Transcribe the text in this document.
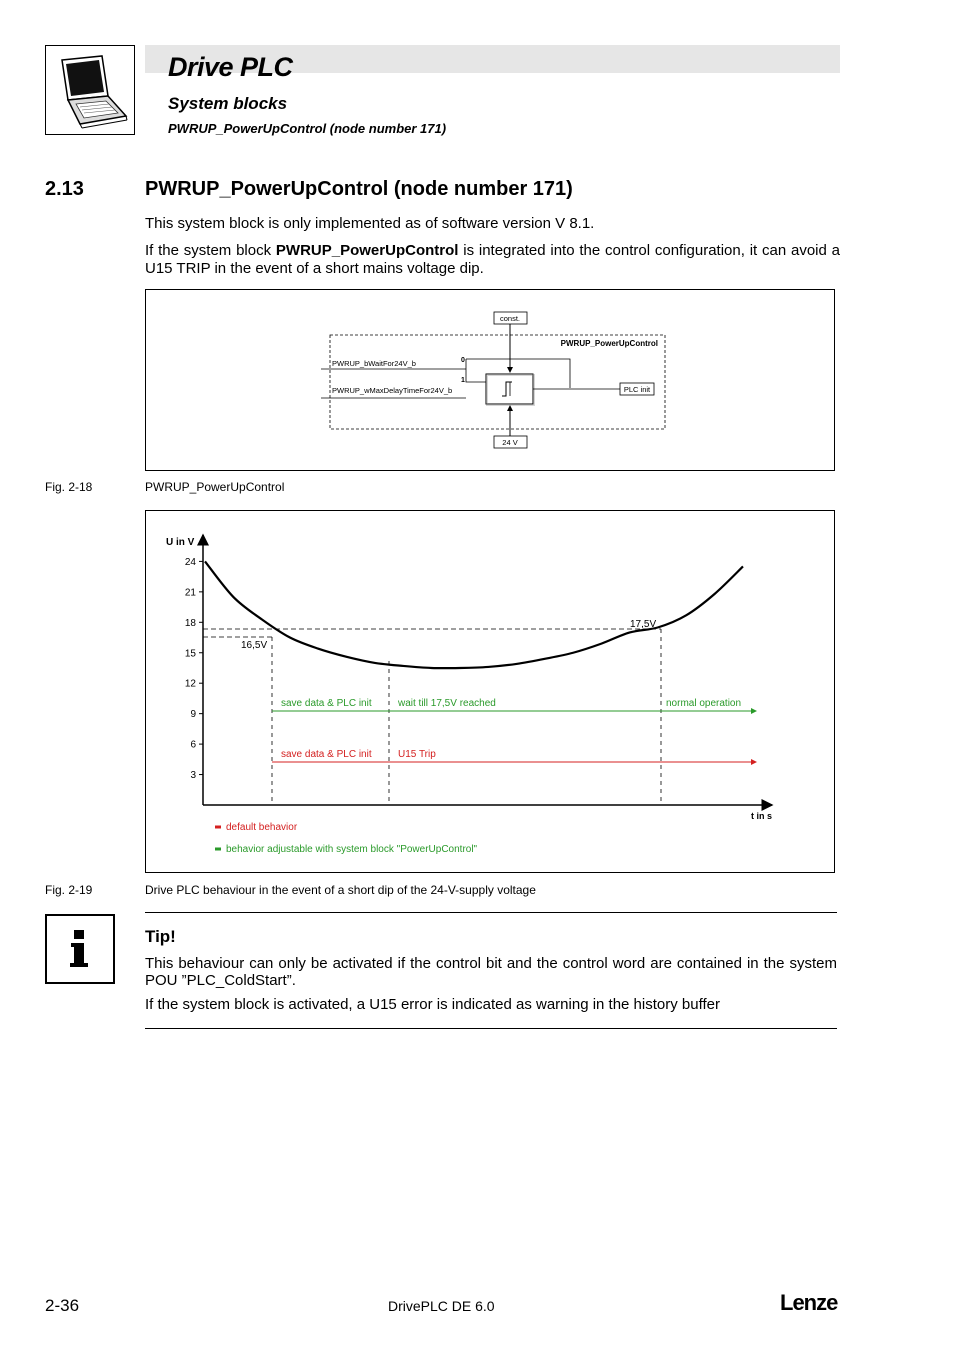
Drive PLC
System blocks
PWRUP_PowerUpControl (node number 171)
2.13	PWRUP_PowerUpControl (node number 171)
This system block is only implemented as of software version V 8.1.
If the system block PWRUP_PowerUpControl is integrated into the control configuration, it can avoid a U15 TRIP in the event of a short mains voltage dip.
const.
PWRUP_PowerUpControl
PWRUP_bWaitFor24V_b
PWRUP_wMaxDelayTimeFor24V_b
0
1
PLC init
24 V
Fig. 2-18	PWRUP_PowerUpControl
U in V
t in s
3
6
9
12
15
18
21
24
16,5V
17,5V
save data & PLC init	wait till 17,5V reached	normal operation
save data & PLC init	U15 Trip
default behavior
behavior adjustable with system block "PowerUpControl"
Fig. 2-19	Drive PLC behaviour in the event of a short dip of the 24-V-supply voltage
Tip!
This behaviour can only be activated if the control bit and the control word are contained in the system POU ”PLC_ColdStart”.
If the system block is activated, a U15 error is indicated as warning in the history buffer
2-36	DrivePLC DE 6.0	Lenze
